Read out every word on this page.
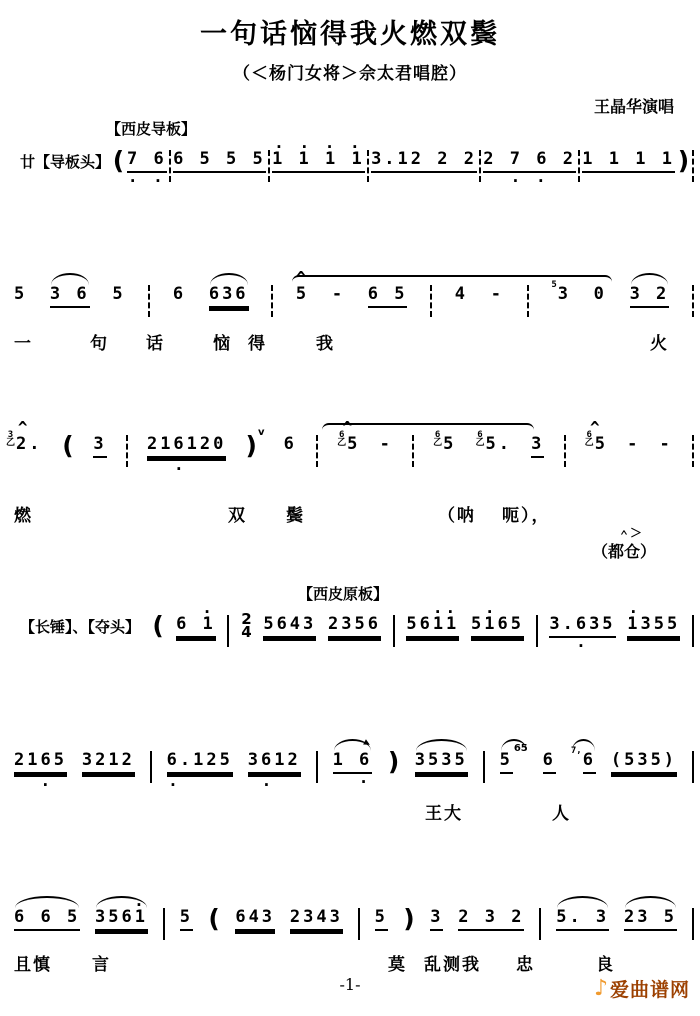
一句话恼得我火燃双鬓
（＜杨门女将＞佘太君唱腔）
王晶华演唱
【西皮导板】
廿【导板头】
(

7 6
. .

6 5 5 5

. . . .
1 1 1 1

3.12 2 2

2 7 6 2
. .

1 1 1 1

)

5

3 6

5

	6

636

^
5

-

6 5

	4

-

	5 3

0

3 2

一	句 话	恼 得	我	火
^
3
乙 2.

(

3

216120
.

) v

6

^
6
乙 5

-

	6
乙 5

6
乙 5.

3

^
6
乙 5

-

-

燃	双 鬓	（呐 呃），
　＾＞
（都仓）
【西皮原板】
【长锤】、【夺头】
(

.
6 1
2
4
5643

2356

..
5611

.
5165

3.635
.
.
1355

2165
.

3212

6.125
.

3612
.

1 6
.

)

3535

5
65

6

7, 6

(535)

王大	人

6 6 5

.
3561

5

(

643

2343

5

)

3

2 3 2

5. 3

23 5

且慎 言	莫 乱测我 忠	良
-1-	♪ 爱曲谱网
